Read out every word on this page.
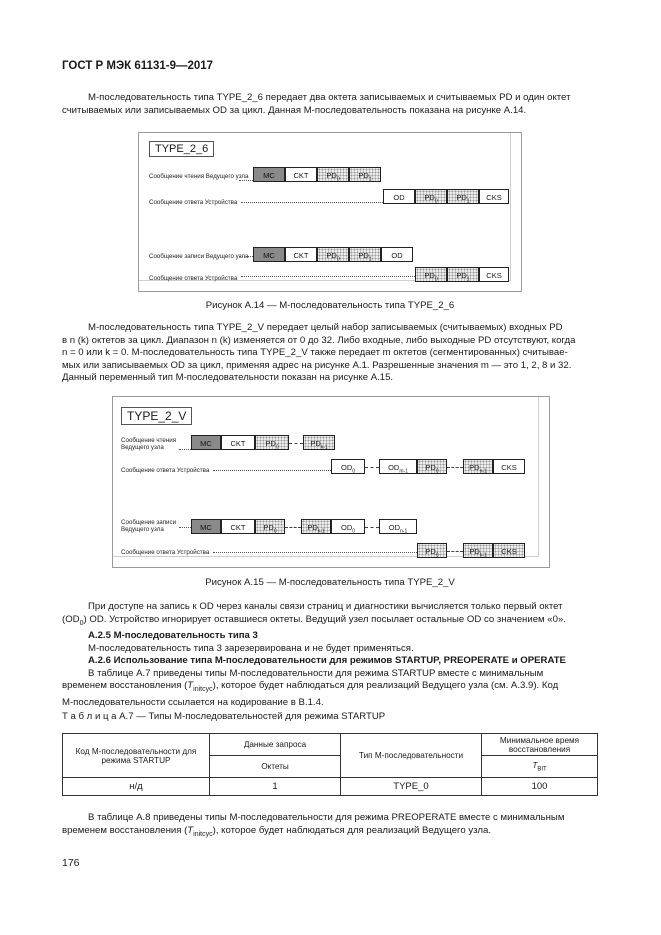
ГОСТ Р МЭК 61131-9—2017
М-последовательность типа TYPE_2_6 передает два октета записываемых и считываемых PD и один октет
считываемых или записываемых OD за цикл. Данная М-последовательность показана на рисунке А.14.
TYPE_2_6
Сообщение чтения Ведущего узла	MC	CKT	$PD_0$	$PD_1$
Сообщение ответа Устройства
OD	$PD_0$	$PD_1$	CKS
Сообщение записи Ведущего узла	MC	CKT	$PD_0$	$PD_1$	OD
Сообщение ответа Устройства	$PD_0$	$PD_1$	CKS
Рисунок А.14 — М-последовательность типа TYPE_2_6
М-последовательность типа TYPE_2_V передает целый набор записываемых (считываемых) входных PD
в n (k) октетов за цикл. Диапазон n (k) изменяется от 0 до 32. Либо входные, либо выходные PD отсутствуют, когда
n = 0 или k = 0. М-последовательность типа TYPE_2_V также передает m октетов (сегментированных) считывае-
мых или записываемых OD за цикл, применяя адрес на рисунке А.1. Разрешенные значения m — это 1, 2, 8 и 32.
Данный переменный тип М-последовательности показан на рисунке А.15.
TYPE_2_V
Сообщение чтения
Ведущего узла	MC	CKT	$PD_0$	$PD_{k-1}$
Сообщение ответа Устройства	$OD_0$	$OD_{m-1}$	$PD_0$	$PD_{n-1}$	CKS
Сообщение записи
Ведущего узла	MC	CKT	$PD_0$	$PD_{k-1}$	$OD_0$	$OD_{n-1}$
Сообщение ответа Устройства	$PD_0$	$PD_{k-1}$	CKS
Рисунок А.15 — М-последовательность типа TYPE_2_V
При доступе на запись к OD через каналы связи страниц и диагностики вычисляется только первый октет
$(OD_0)$ OD. Устройство игнорирует оставшиеся октеты. Ведущий узел посылает остальные OD со значением «0».
А.2.5 М-последовательность типа 3
М-последовательность типа 3 зарезервирована и не будет применяться.
А.2.6 Использование типа М-последовательности для режимов STARTUP, PREOPERATE и OPERATE
В таблице А.7 приведены типы М-последовательности для режима STARTUP вместе с минимальным
временем восстановления $(T_{initcyc})$, которое будет наблюдаться для реализаций Ведущего узла (см. А.3.9). Код
М-последовательности ссылается на кодирование в В.1.4.
Т а б л и ц а А.7 — Типы М-последовательностей для режима STARTUP
Код М-последовательности для режима STARTUP	Данные запроса	Тип М-последовательности	Минимальное время восстановления
	Октеты		$T_{BIT}$
н/д	1	TYPE_0	100
В таблице А.8 приведены типы М-последовательности для режима PREOPERATE вместе с минимальным
временем восстановления $(T_{initcyc})$, которое будет наблюдаться для реализаций Ведущего узла.
176
